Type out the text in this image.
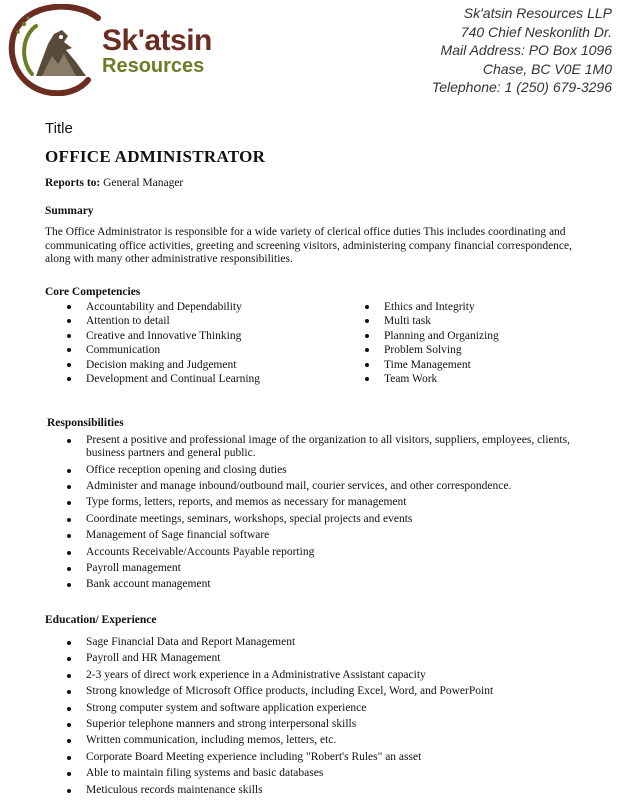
Sk'atsin
Resources
Sk'atsin Resources LLP
740 Chief Neskonlith Dr.
Mail Address: PO Box 1096
Chase, BC V0E 1M0
Telephone: 1 (250) 679-3296
Title
OFFICE ADMINISTRATOR
Reports to: General Manager
Summary
The Office Administrator is responsible for a wide variety of clerical office duties This includes coordinating and communicating office activities, greeting and screening visitors, administering company financial correspondence, along with many other administrative responsibilities.
Core Competencies
Accountability and Dependability
Attention to detail
Creative and Innovative Thinking
Communication
Decision making and Judgement
Development and Continual Learning
Ethics and Integrity
Multi task
Planning and Organizing
Problem Solving
Time Management
Team Work
Responsibilities
Present a positive and professional image of the organization to all visitors, suppliers, employees, clients, business partners and general public.
Office reception opening and closing duties
Administer and manage inbound/outbound mail, courier services, and other correspondence.
Type forms, letters, reports, and memos as necessary for management
Coordinate meetings, seminars, workshops, special projects and events
Management of Sage financial software
Accounts Receivable/Accounts Payable reporting
Payroll management
Bank account management
Education/ Experience
Sage Financial Data and Report Management
Payroll and HR Management
2-3 years of direct work experience in a Administrative Assistant capacity
Strong knowledge of Microsoft Office products, including Excel, Word, and PowerPoint
Strong computer system and software application experience
Superior telephone manners and strong interpersonal skills
Written communication, including memos, letters, etc.
Corporate Board Meeting experience including "Robert's Rules" an asset
Able to maintain filing systems and basic databases
Meticulous records maintenance skills
